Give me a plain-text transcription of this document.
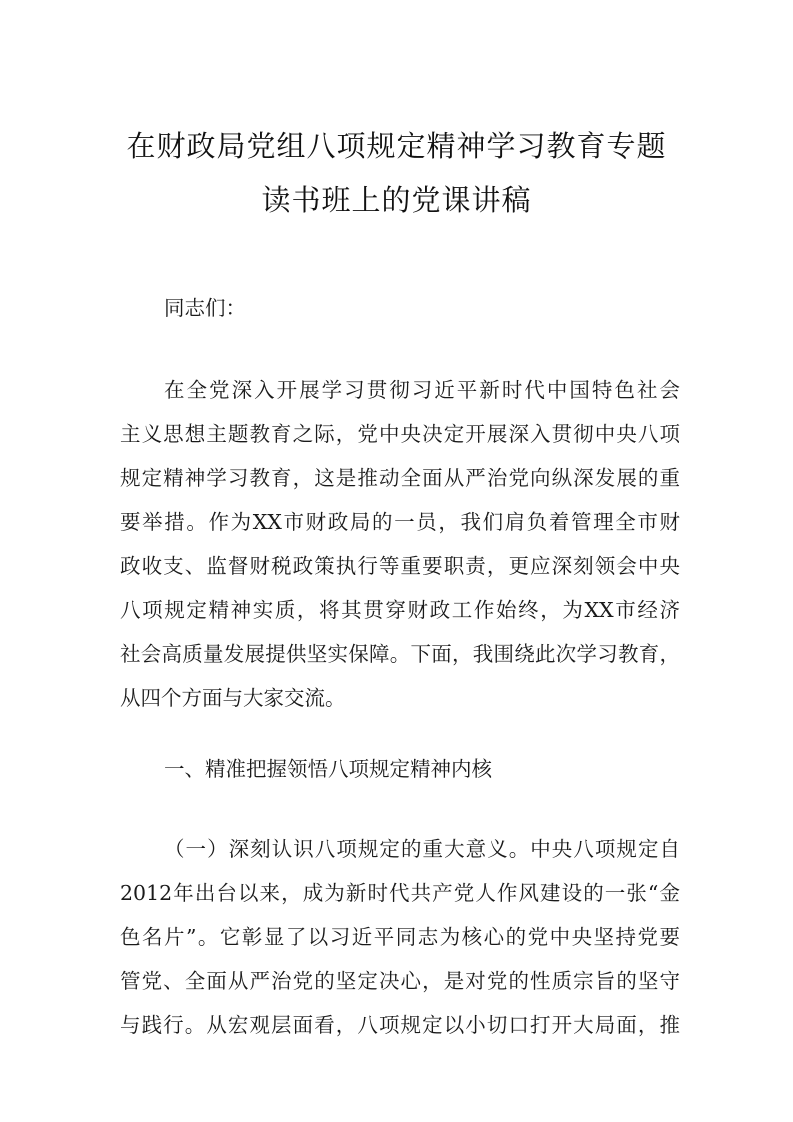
在财政局党组八项规定精神学习教育专题
读书班上的党课讲稿
同志们：
在全党深入开展学习贯彻习近平新时代中国特色社会
主义思想主题教育之际，党中央决定开展深入贯彻中央八项
规定精神学习教育，这是推动全面从严治党向纵深发展的重
要举措。作为XX市财政局的一员，我们肩负着管理全市财
政收支、监督财税政策执行等重要职责，更应深刻领会中央
八项规定精神实质，将其贯穿财政工作始终，为XX市经济
社会高质量发展提供坚实保障。下面，我围绕此次学习教育，
从四个方面与大家交流。
一、精准把握领悟八项规定精神内核
（一）深刻认识八项规定的重大意义。中央八项规定自
2012年出台以来，成为新时代共产党人作风建设的一张“金
色名片”。它彰显了以习近平同志为核心的党中央坚持党要
管党、全面从严治党的坚定决心，是对党的性质宗旨的坚守
与践行。从宏观层面看，八项规定以小切口打开大局面，推
